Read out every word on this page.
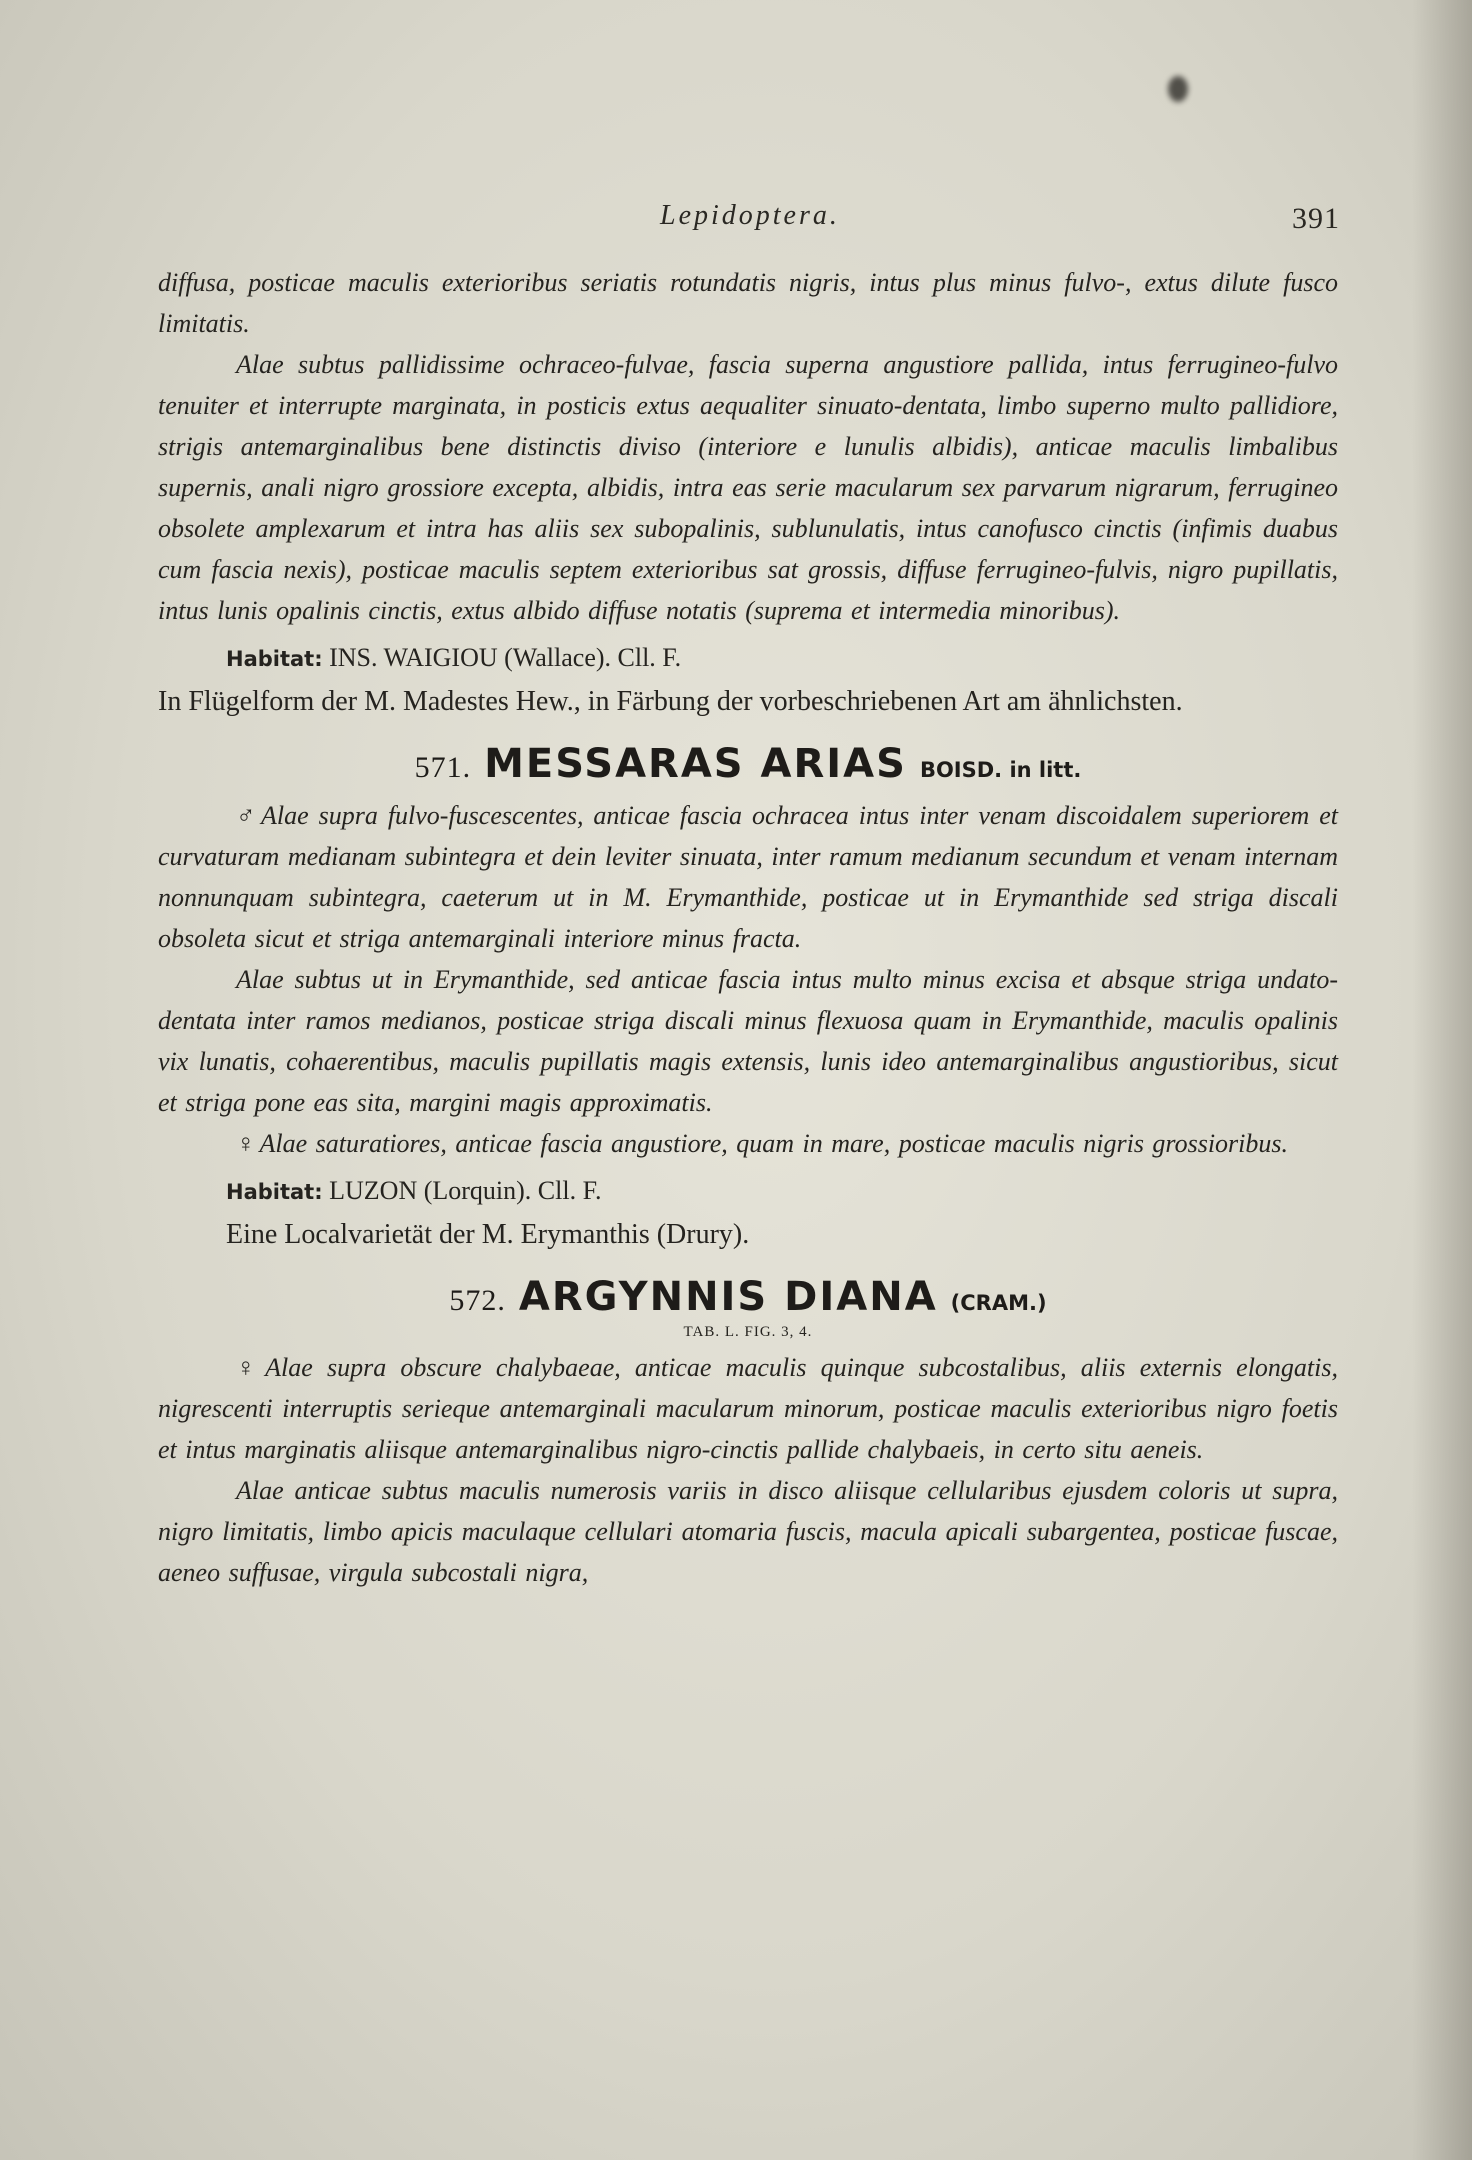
Lepidoptera.	391

diffusa, posticae maculis exterioribus seriatis rotundatis nigris, intus plus minus fulvo-, extus dilute fusco limitatis.

Alae subtus pallidissime ochraceo-fulvae, fascia superna angustiore pallida, intus ferrugineo-fulvo tenuiter et interrupte marginata, in posticis extus aequaliter sinuato-dentata, limbo superno multo pallidiore, strigis antemarginalibus bene distinctis diviso (interiore e lunulis albidis), anticae maculis limbalibus supernis, anali nigro grossiore excepta, albidis, intra eas serie macularum sex parvarum nigrarum, ferrugineo obsolete amplexarum et intra has aliis sex subopalinis, sublunulatis, intus canofusco cinctis (infimis duabus cum fascia nexis), posticae maculis septem exterioribus sat grossis, diffuse ferrugineo-fulvis, nigro pupillatis, intus lunis opalinis cinctis, extus albido diffuse notatis (suprema et intermedia minoribus).

Habitat: INS. WAIGIOU (Wallace). Cll. F.

In Flügelform der M. Madestes Hew., in Färbung der vorbeschriebenen Art am ähnlichsten.

571. MESSARAS ARIAS BOISD. in litt.

♂ Alae supra fulvo-fuscescentes, anticae fascia ochracea intus inter venam discoidalem superiorem et curvaturam medianam subintegra et dein leviter sinuata, inter ramum medianum secundum et venam internam nonnunquam subintegra, caeterum ut in M. Erymanthide, posticae ut in Erymanthide sed striga discali obsoleta sicut et striga antemarginali interiore minus fracta.

Alae subtus ut in Erymanthide, sed anticae fascia intus multo minus excisa et absque striga undato-dentata inter ramos medianos, posticae striga discali minus flexuosa quam in Erymanthide, maculis opalinis vix lunatis, cohaerentibus, maculis pupillatis magis extensis, lunis ideo antemarginalibus angustioribus, sicut et striga pone eas sita, margini magis approximatis.

♀ Alae saturatiores, anticae fascia angustiore, quam in mare, posticae maculis nigris grossioribus.

Habitat: LUZON (Lorquin). Cll. F.

Eine Localvarietät der M. Erymanthis (Drury).

572. ARGYNNIS DIANA (CRAM.)
TAB. L. FIG. 3, 4.

♀ Alae supra obscure chalybaeae, anticae maculis quinque subcostalibus, aliis externis elongatis, nigrescenti interruptis serieque antemarginali macularum minorum, posticae maculis exterioribus nigro foetis et intus marginatis aliisque antemarginalibus nigro-cinctis pallide chalybaeis, in certo situ aeneis.

Alae anticae subtus maculis numerosis variis in disco aliisque cellularibus ejusdem coloris ut supra, nigro limitatis, limbo apicis maculaque cellulari atomaria fuscis, macula apicali subargentea, posticae fuscae, aeneo suffusae, virgula subcostali nigra,
